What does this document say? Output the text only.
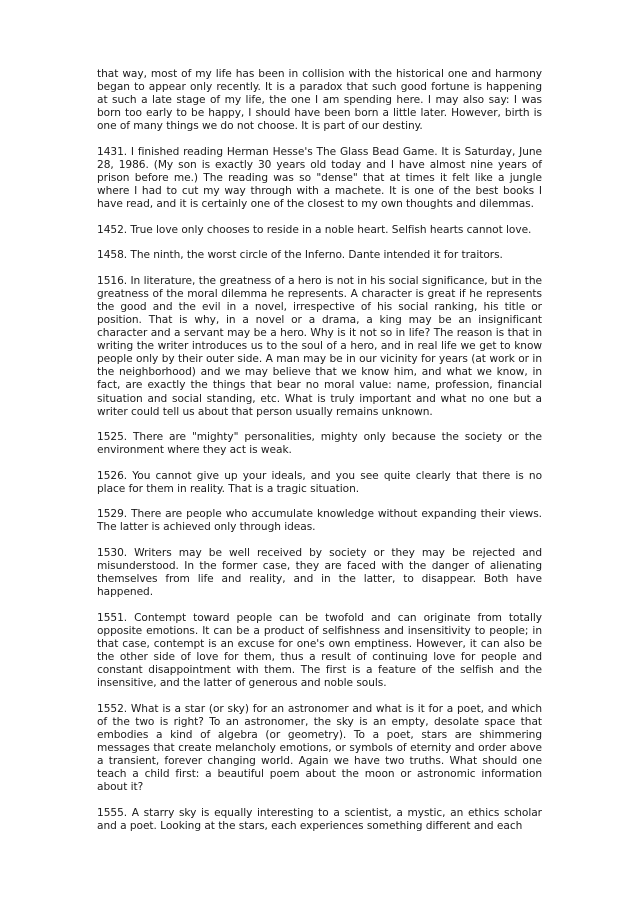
that way, most of my life has been in collision with the historical one and harmony began to appear only recently. It is a paradox that such good fortune is happening at such a late stage of my life, the one I am spending here. I may also say: I was born too early to be happy, I should have been born a little later. However, birth is one of many things we do not choose. It is part of our destiny.

1431. I finished reading Herman Hesse's The Glass Bead Game. It is Saturday, June 28, 1986. (My son is exactly 30 years old today and I have almost nine years of prison before me.) The reading was so "dense" that at times it felt like a jungle where I had to cut my way through with a machete. It is one of the best books I have read, and it is certainly one of the closest to my own thoughts and dilemmas.

1452. True love only chooses to reside in a noble heart. Selfish hearts cannot love.

1458. The ninth, the worst circle of the Inferno. Dante intended it for traitors.

1516. In literature, the greatness of a hero is not in his social significance, but in the greatness of the moral dilemma he represents. A character is great if he represents the good and the evil in a novel, irrespective of his social ranking, his title or position. That is why, in a novel or a drama, a king may be an insignificant character and a servant may be a hero. Why is it not so in life? The reason is that in writing the writer introduces us to the soul of a hero, and in real life we get to know people only by their outer side. A man may be in our vicinity for years (at work or in the neighborhood) and we may believe that we know him, and what we know, in fact, are exactly the things that bear no moral value: name, profession, financial situation and social standing, etc. What is truly important and what no one but a writer could tell us about that person usually remains unknown.

1525. There are "mighty" personalities, mighty only because the society or the environment where they act is weak.

1526. You cannot give up your ideals, and you see quite clearly that there is no place for them in reality. That is a tragic situation.

1529. There are people who accumulate knowledge without expanding their views. The latter is achieved only through ideas.

1530. Writers may be well received by society or they may be rejected and misunderstood. In the former case, they are faced with the danger of alienating themselves from life and reality, and in the latter, to disappear. Both have happened.

1551. Contempt toward people can be twofold and can originate from totally opposite emotions. It can be a product of selfishness and insensitivity to people; in that case, contempt is an excuse for one's own emptiness. However, it can also be the other side of love for them, thus a result of continuing love for people and constant disappointment with them. The first is a feature of the selfish and the insensitive, and the latter of generous and noble souls.

1552. What is a star (or sky) for an astronomer and what is it for a poet, and which of the two is right? To an astronomer, the sky is an empty, desolate space that embodies a kind of algebra (or geometry). To a poet, stars are shimmering messages that create melancholy emotions, or symbols of eternity and order above a transient, forever changing world. Again we have two truths. What should one teach a child first: a beautiful poem about the moon or astronomic information about it?

1555. A starry sky is equally interesting to a scientist, a mystic, an ethics scholar and a poet. Looking at the stars, each experiences something different and each
